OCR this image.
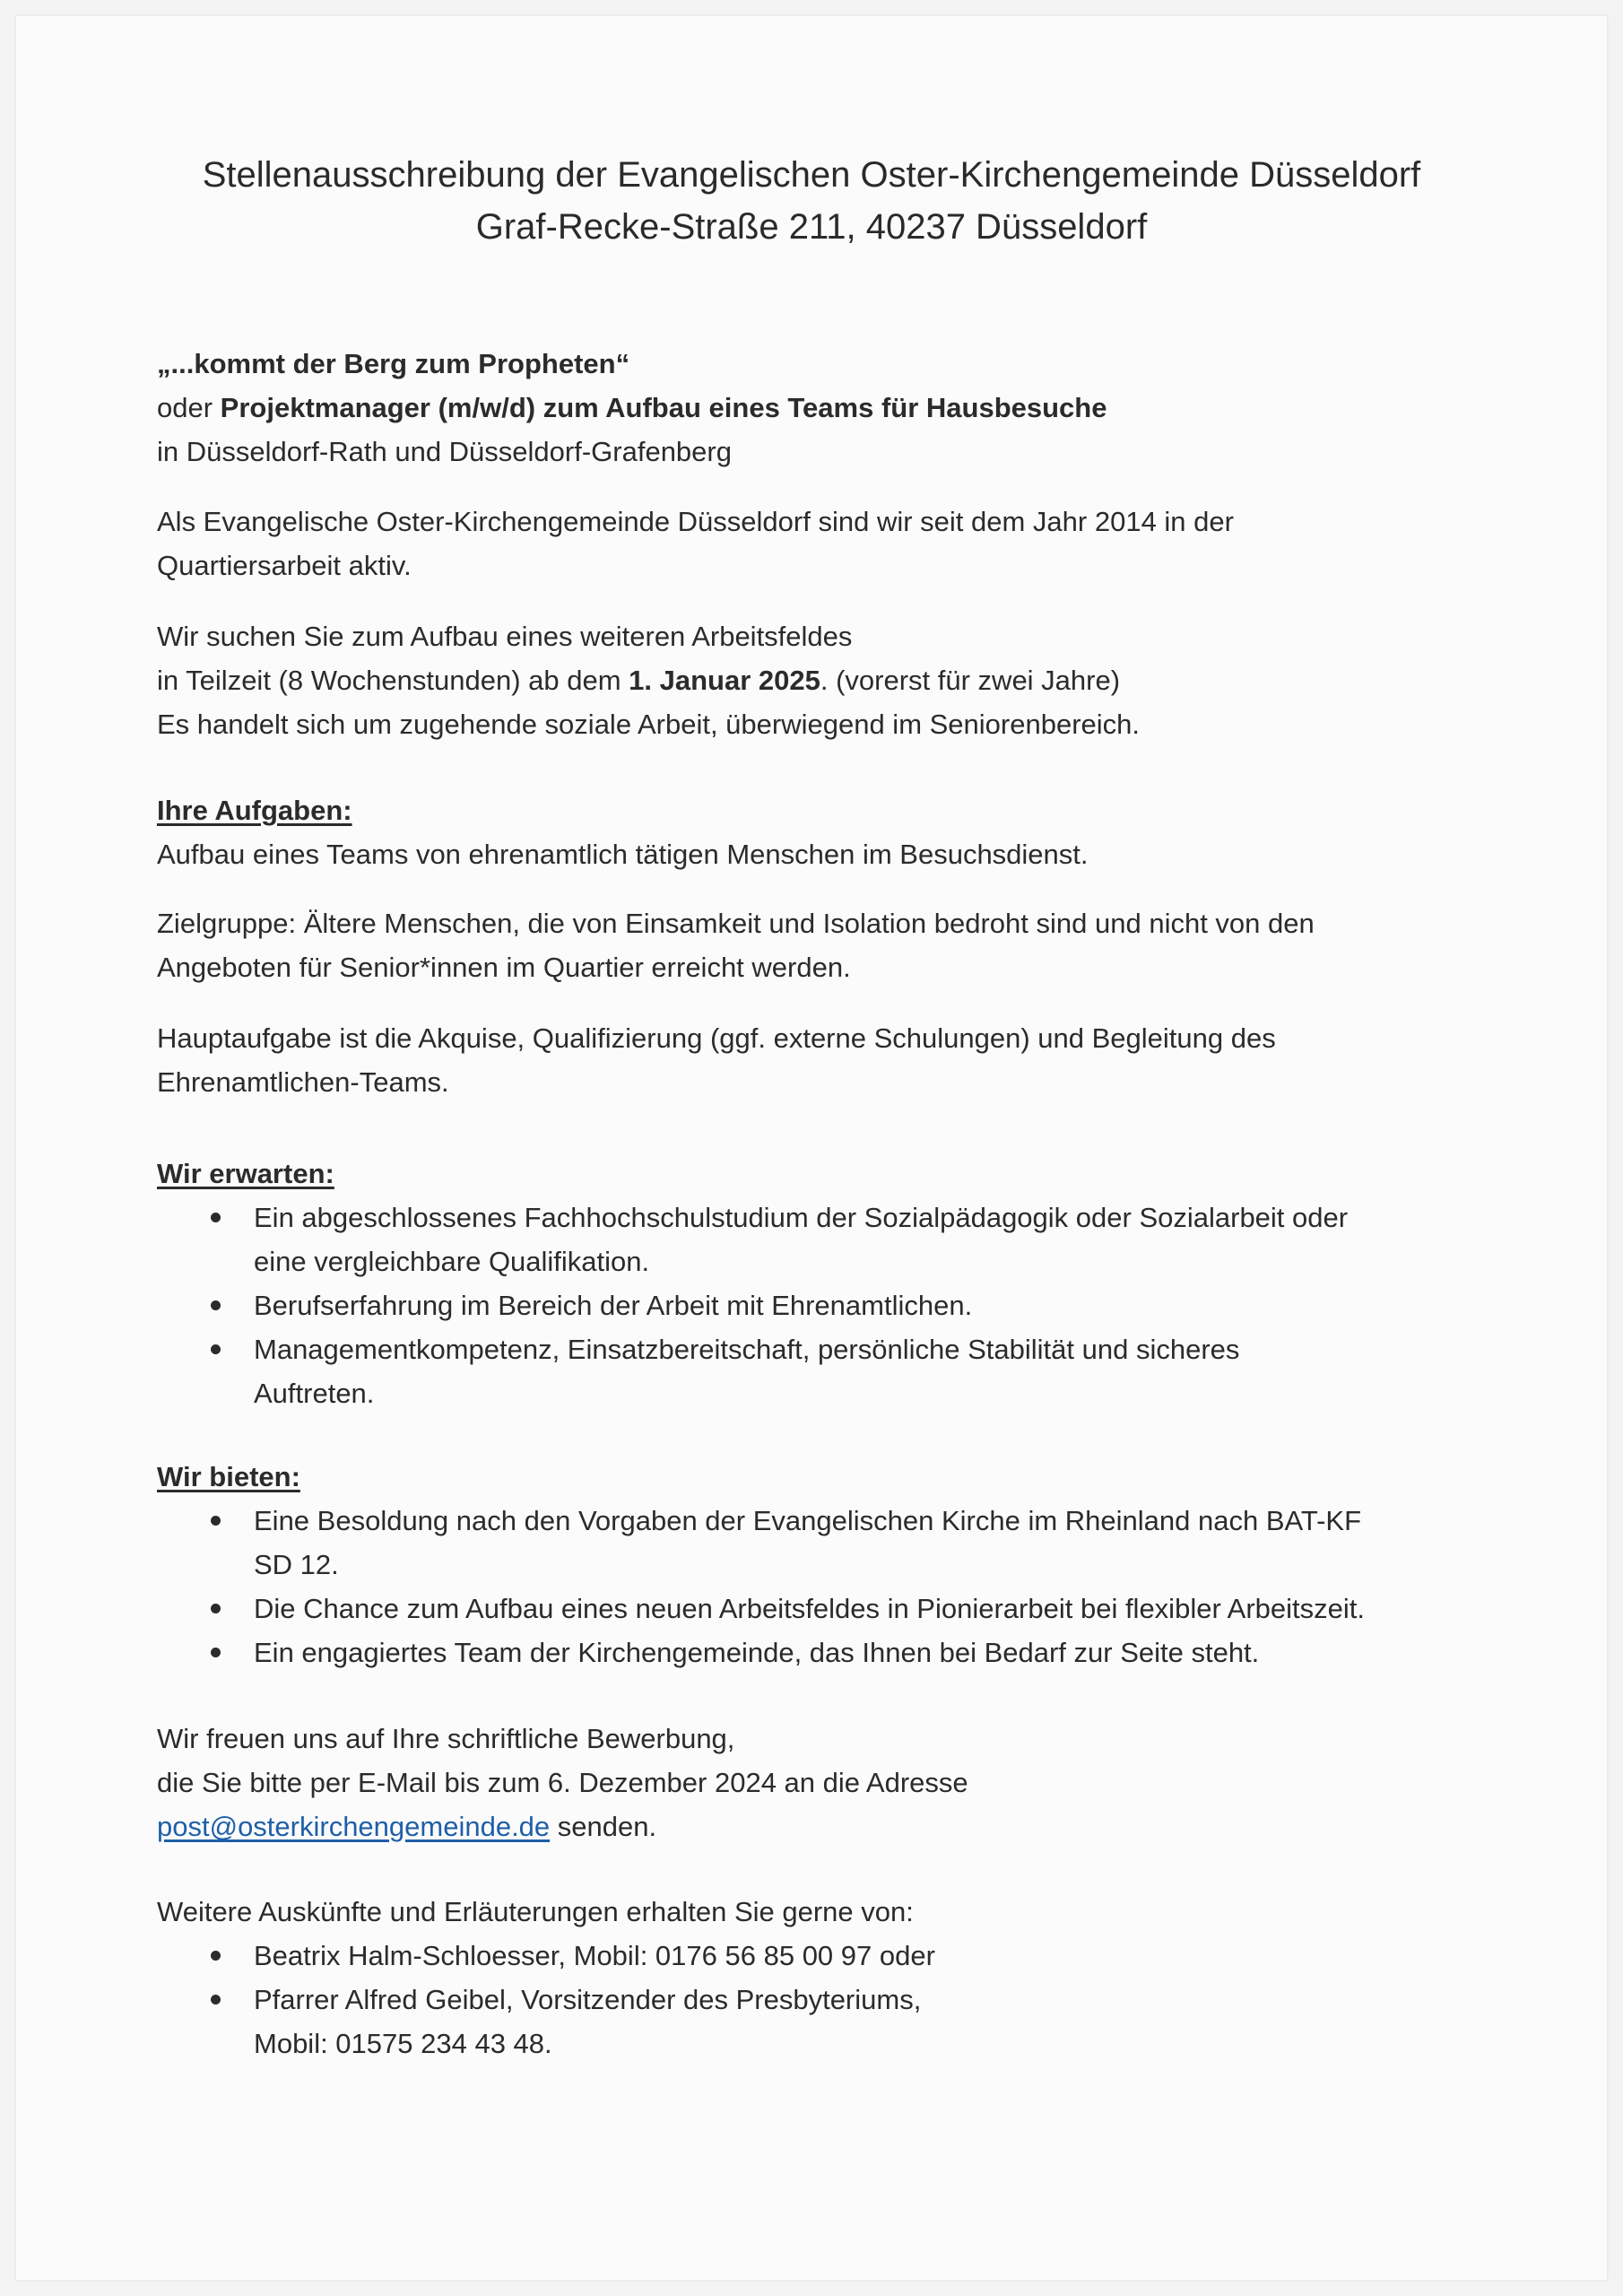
Stellenausschreibung der Evangelischen Oster-Kirchengemeinde Düsseldorf
Graf-Recke-Straße 211, 40237 Düsseldorf
„...kommt der Berg zum Propheten“
oder Projektmanager (m/w/d) zum Aufbau eines Teams für Hausbesuche
in Düsseldorf-Rath und Düsseldorf-Grafenberg
Als Evangelische Oster-Kirchengemeinde Düsseldorf sind wir seit dem Jahr 2014 in der
Quartiersarbeit aktiv.
Wir suchen Sie zum Aufbau eines weiteren Arbeitsfeldes
in Teilzeit (8 Wochenstunden) ab dem 1. Januar 2025. (vorerst für zwei Jahre)
Es handelt sich um zugehende soziale Arbeit, überwiegend im Seniorenbereich.
Ihre Aufgaben:
Aufbau eines Teams von ehrenamtlich tätigen Menschen im Besuchsdienst.
Zielgruppe: Ältere Menschen, die von Einsamkeit und Isolation bedroht sind und nicht von den
Angeboten für Senior*innen im Quartier erreicht werden.
Hauptaufgabe ist die Akquise, Qualifizierung (ggf. externe Schulungen) und Begleitung des
Ehrenamtlichen-Teams.
Wir erwarten:
Ein abgeschlossenes Fachhochschulstudium der Sozialpädagogik oder Sozialarbeit oder
eine vergleichbare Qualifikation.
Berufserfahrung im Bereich der Arbeit mit Ehrenamtlichen.
Managementkompetenz, Einsatzbereitschaft, persönliche Stabilität und sicheres
Auftreten.
Wir bieten:
Eine Besoldung nach den Vorgaben der Evangelischen Kirche im Rheinland nach BAT-KF
SD 12.
Die Chance zum Aufbau eines neuen Arbeitsfeldes in Pionierarbeit bei flexibler Arbeitszeit.
Ein engagiertes Team der Kirchengemeinde, das Ihnen bei Bedarf zur Seite steht.
Wir freuen uns auf Ihre schriftliche Bewerbung,
die Sie bitte per E-Mail bis zum 6. Dezember 2024 an die Adresse
post@osterkirchengemeinde.de senden.
Weitere Auskünfte und Erläuterungen erhalten Sie gerne von:
Beatrix Halm-Schloesser, Mobil: 0176 56 85 00 97 oder
Pfarrer Alfred Geibel, Vorsitzender des Presbyteriums,
Mobil: 01575 234 43 48.
